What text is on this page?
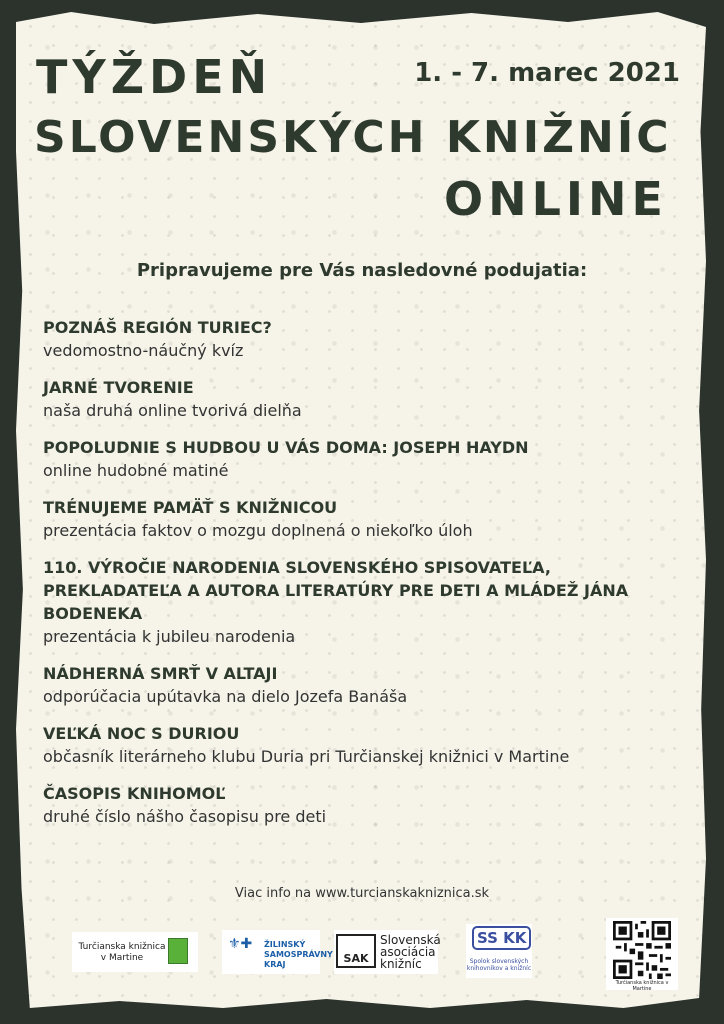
TÝŽDEŇ	1. - 7. marec 2021
SLOVENSKÝCH KNIŽNÍC
ONLINE
Pripravujeme pre Vás nasledovné podujatia:
POZNÁŠ REGIÓN TURIEC?
vedomostno-náučný kvíz
JARNÉ TVORENIE
naša druhá online tvorivá dielňa
POPOLUDNIE S HUDBOU U VÁS DOMA: JOSEPH HAYDN
online hudobné matiné
TRÉNUJEME PAMÄŤ S KNIŽNICOU
prezentácia faktov o mozgu doplnená o niekoľko úloh
110. VÝROČIE NARODENIA SLOVENSKÉHO SPISOVATEĽA, PREKLADATEĽA A AUTORA LITERATÚRY PRE DETI A MLÁDEŽ JÁNA BODENEKA
prezentácia k jubileu narodenia
NÁDHERNÁ SMRŤ V ALTAJI
odporúčacia upútavka na dielo Jozefa Banáša
VEĽKÁ NOC S DURIOU
občasník literárneho klubu Duria pri Turčianskej knižnici v Martine
ČASOPIS KNIHOMOĽ
druhé číslo nášho časopisu pre deti
Viac info na www.turcianskakniznica.sk
Turčianska knižnica v Martine
⚜✚ ŽILINSKÝ
SAMOSPRÁVNY
KRAJ	SAK
Slovenská
asociácia
knižníc
SS KK
Spolok slovenských
knihovníkov a knižníc
Turčianska knižnica v Martine
